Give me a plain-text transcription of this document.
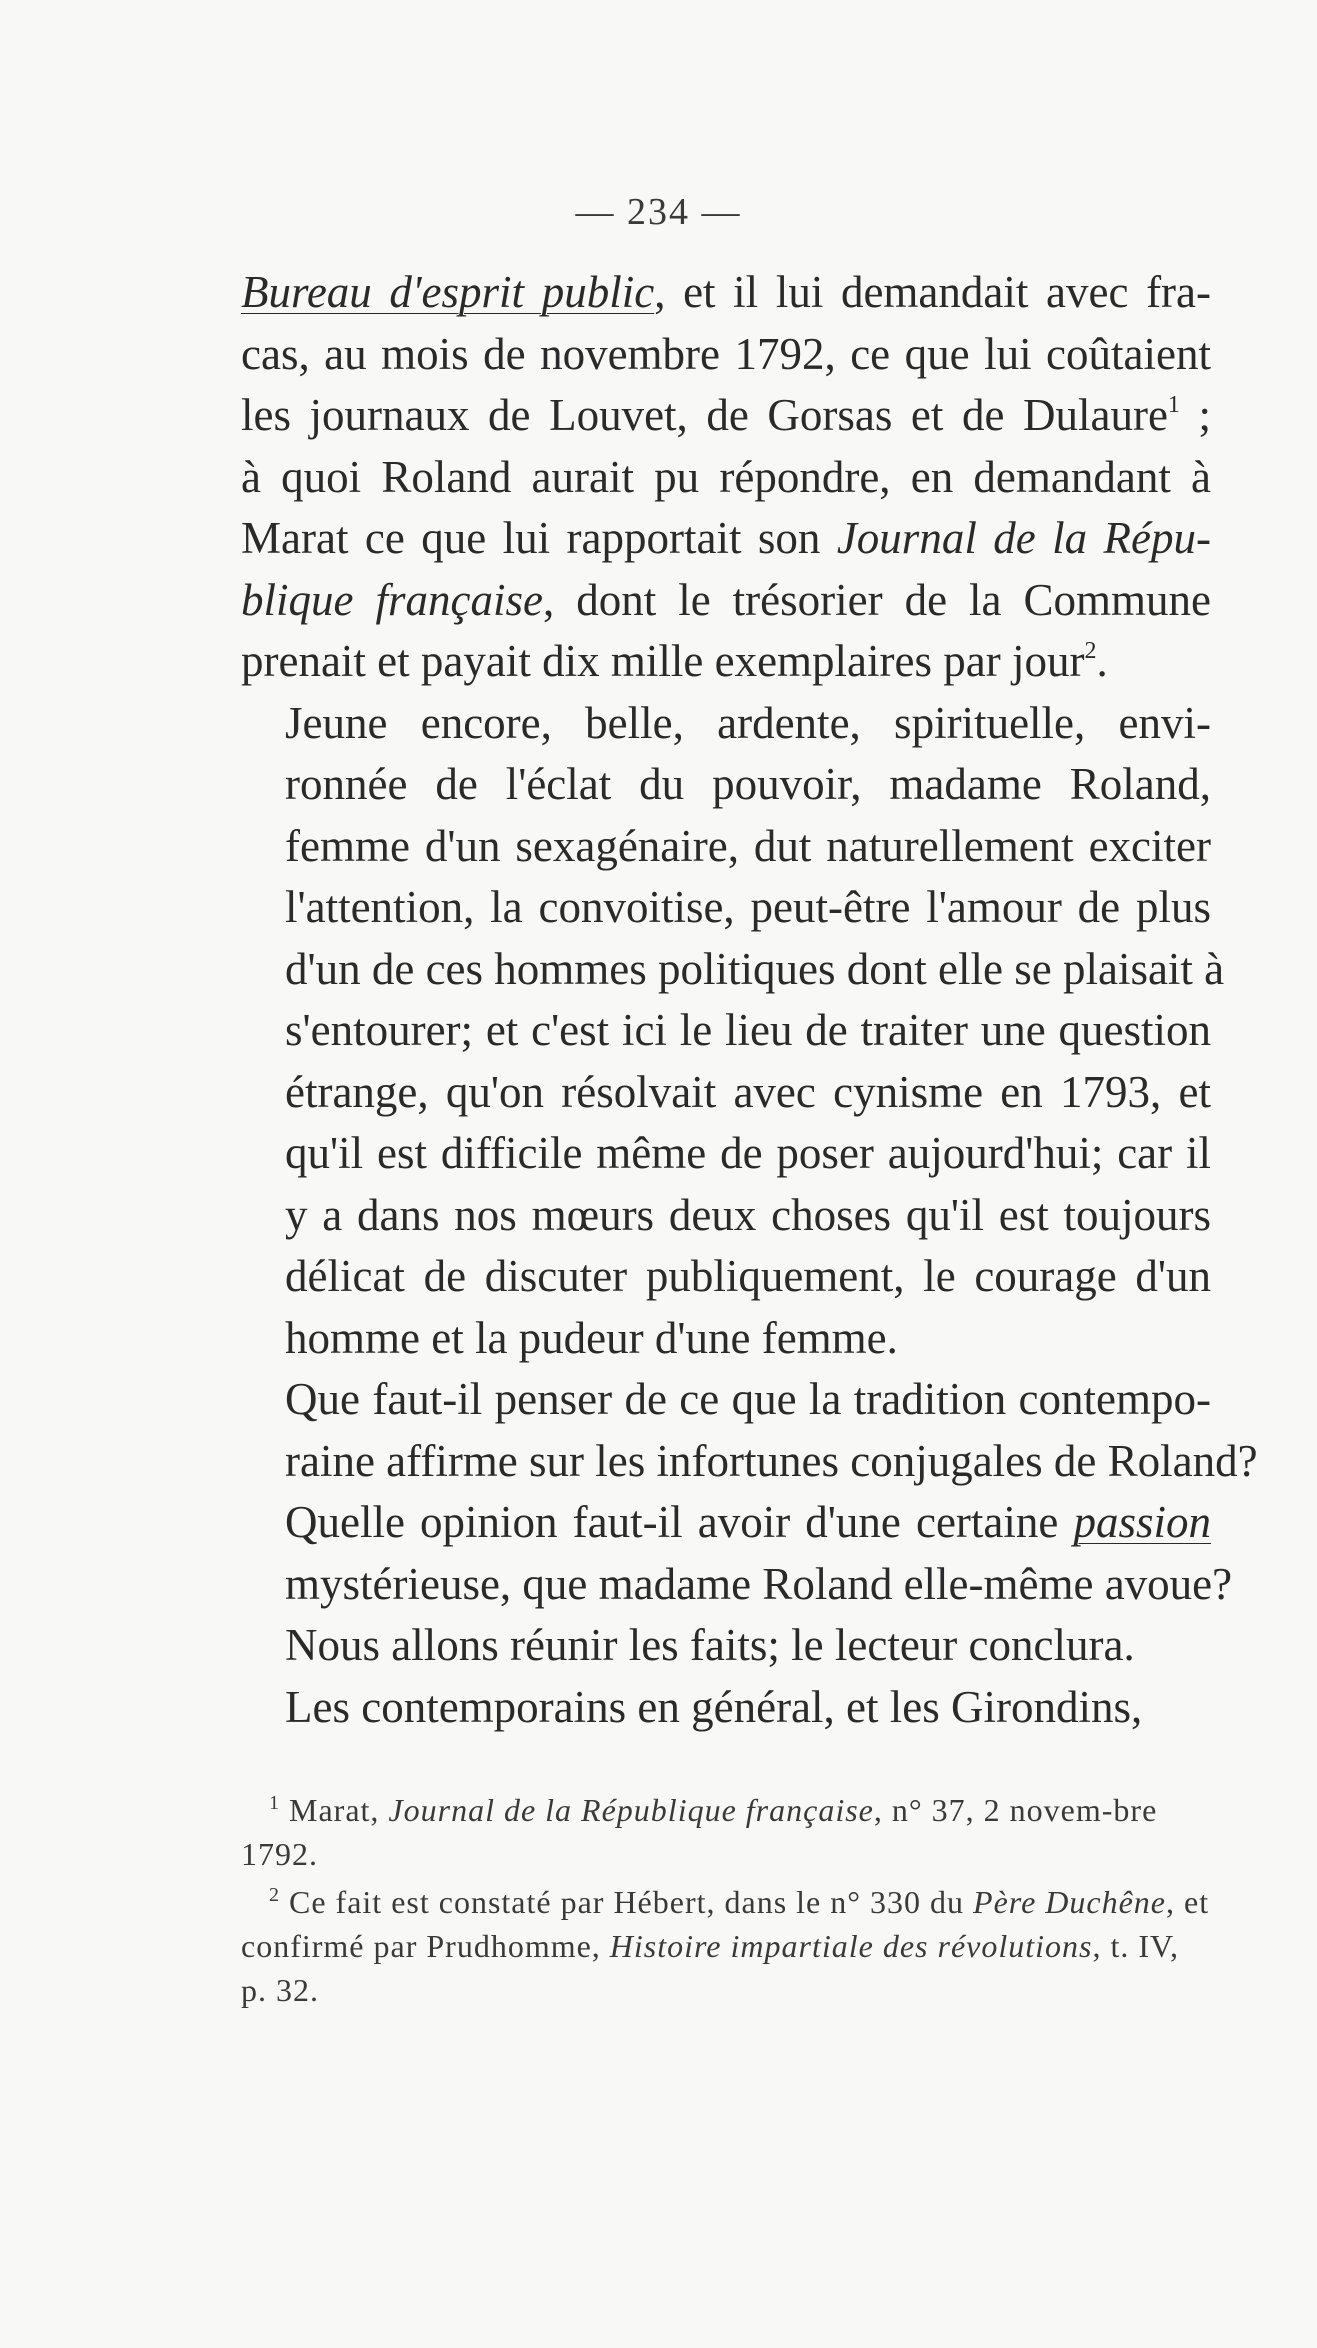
— 234 —

Bureau d'esprit public, et il lui demandait avec fra-
cas, au mois de novembre 1792, ce que lui coûtaient
les journaux de Louvet, de Gorsas et de Dulaure$^1$ ;
à quoi Roland aurait pu répondre, en demandant à
Marat ce que lui rapportait son Journal de la Répu-
blique française, dont le trésorier de la Commune
prenait et payait dix mille exemplaires par jour$^2$.

Jeune encore, belle, ardente, spirituelle, envi-
ronnée de l'éclat du pouvoir, madame Roland,
femme d'un sexagénaire, dut naturellement exciter
l'attention, la convoitise, peut-être l'amour de plus
d'un de ces hommes politiques dont elle se plaisait à
s'entourer; et c'est ici le lieu de traiter une question
étrange, qu'on résolvait avec cynisme en 1793, et
qu'il est difficile même de poser aujourd'hui; car il
y a dans nos mœurs deux choses qu'il est toujours
délicat de discuter publiquement, le courage d'un
homme et la pudeur d'une femme.

Que faut-il penser de ce que la tradition contempo-
raine affirme sur les infortunes conjugales de Roland?
Quelle opinion faut-il avoir d'une certaine passion
mystérieuse, que madame Roland elle-même avoue?
Nous allons réunir les faits; le lecteur conclura.

Les contemporains en général, et les Girondins,

$^1$ Marat, Journal de la République française, n° 37, 2 novem-bre 1792.

$^2$ Ce fait est constaté par Hébert, dans le n° 330 du Père Duchêne, et confirmé par Prudhomme, Histoire impartiale des révolutions, t. IV, p. 32.
